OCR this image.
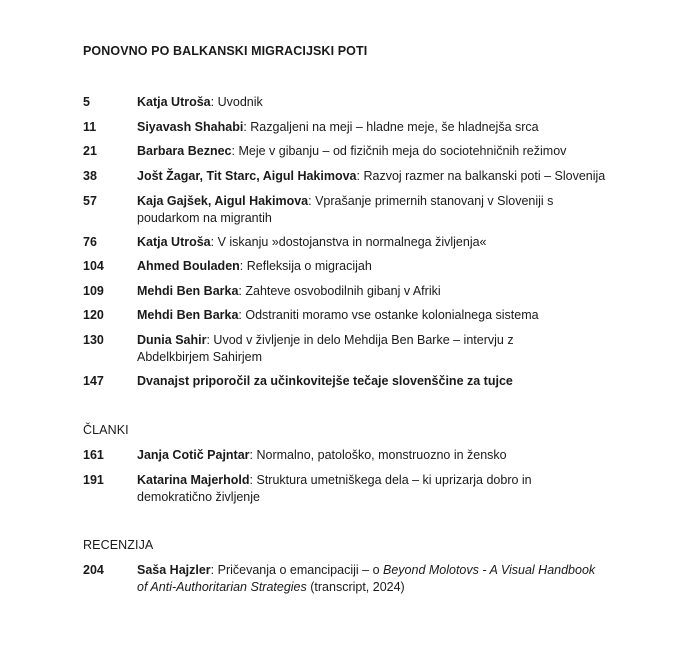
PONOVNO PO BALKANSKI MIGRACIJSKI POTI
5	Katja Utroša: Uvodnik
11	Siyavash Shahabi: Razgaljeni na meji – hladne meje, še hladnejša srca
21	Barbara Beznec: Meje v gibanju – od fizičnih meja do sociotehničnih režimov
38	Jošt Žagar, Tit Starc, Aigul Hakimova: Razvoj razmer na balkanski poti – Slovenija
57	Kaja Gajšek, Aigul Hakimova: Vprašanje primernih stanovanj v Sloveniji s poudarkom na migrantih
76	Katja Utroša: V iskanju »dostojanstva in normalnega življenja«
104	Ahmed Bouladen: Refleksija o migracijah
109	Mehdi Ben Barka: Zahteve osvobodilnih gibanj v Afriki
120	Mehdi Ben Barka: Odstraniti moramo vse ostanke kolonialnega sistema
130	Dunia Sahir: Uvod v življenje in delo Mehdija Ben Barke – intervju z Abdelkbirjem Sahirjem
147	Dvanajst priporočil za učinkovitejše tečaje slovenščine za tujce
ČLANKI
161	Janja Cotič Pajntar: Normalno, patološko, monstruozno in žensko
191	Katarina Majerhold: Struktura umetniškega dela – ki uprizarja dobro in demokratično življenje
RECENZIJA
204	Saša Hajzler: Pričevanja o emancipaciji – o Beyond Molotovs - A Visual Handbook of Anti-Authoritarian Strategies (transcript, 2024)
